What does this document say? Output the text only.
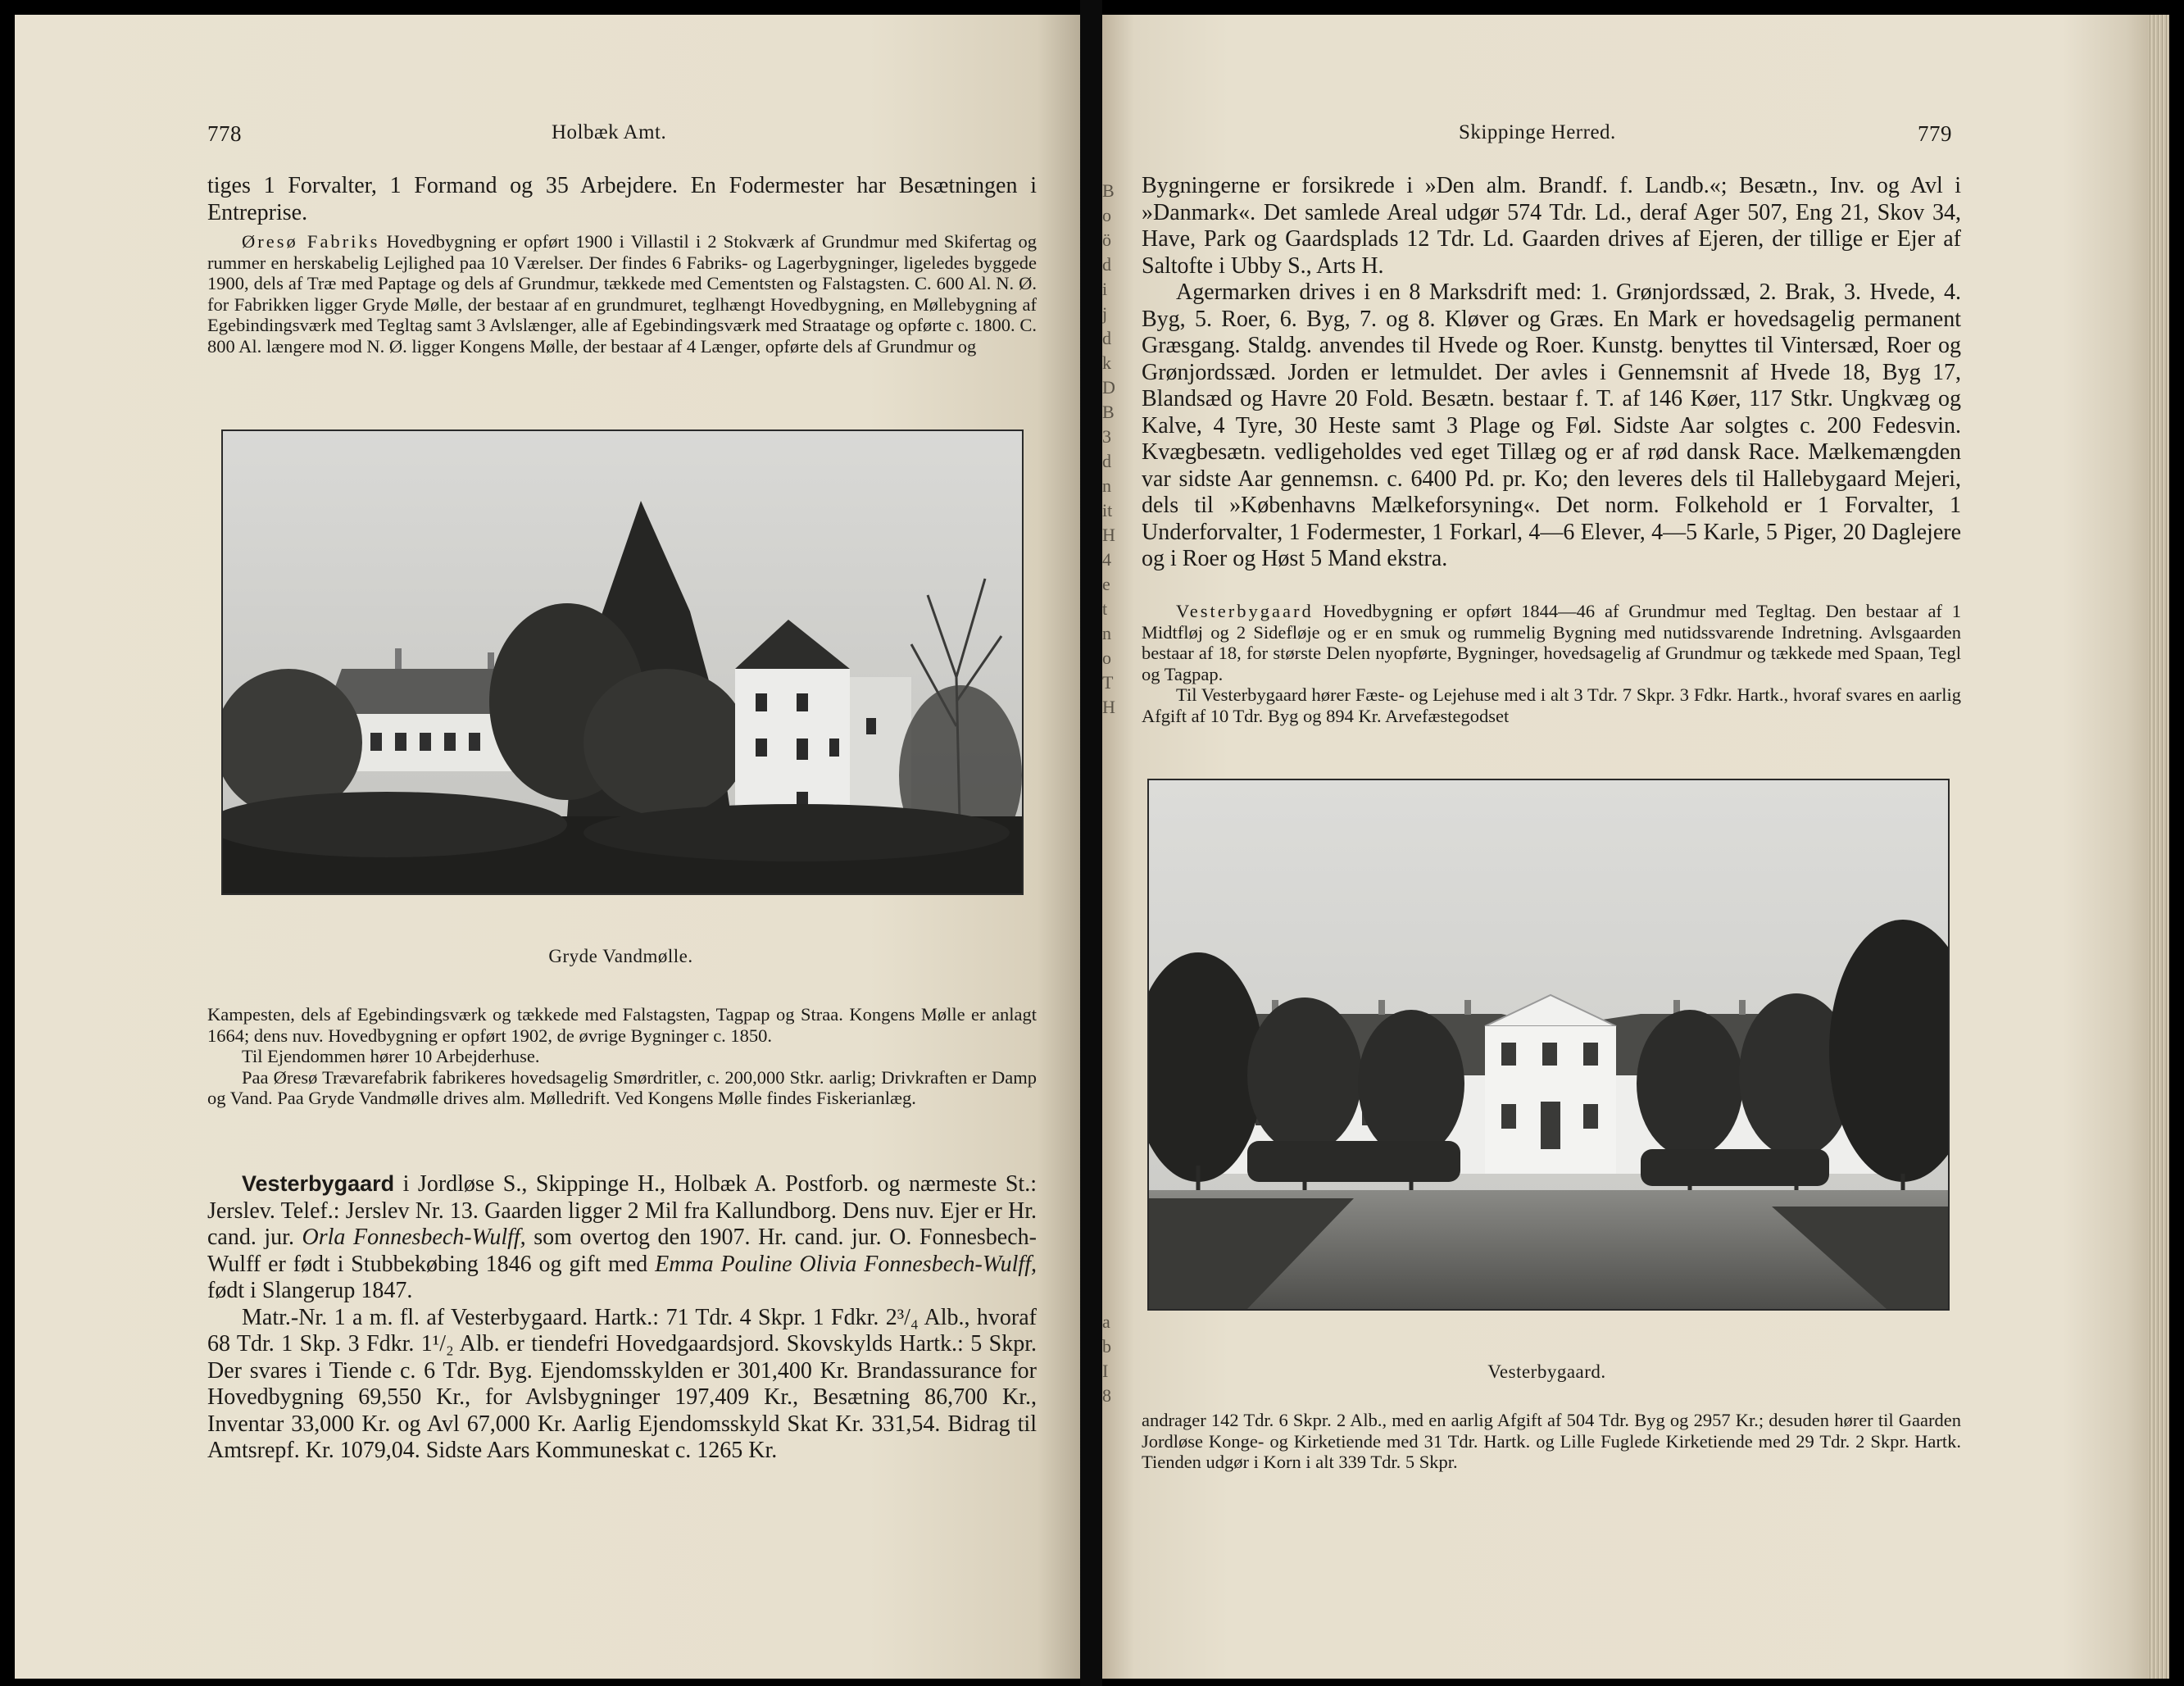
778	Holbæk Amt.

tiges 1 Forvalter, 1 Formand og 35 Arbejdere. En Fodermester har Besætningen i Entreprise.

Øresø Fabriks Hovedbygning er opført 1900 i Villastil i 2 Stokværk af Grundmur med Skifertag og rummer en herskabelig Lejlighed paa 10 Værelser. Der findes 6 Fabriks- og Lagerbygninger, ligeledes byggede 1900, dels af Træ med Paptage og dels af Grundmur, tækkede med Cementsten og Falstagsten. C. 600 Al. N. Ø. for Fabrikken ligger Gryde Mølle, der bestaar af en grundmuret, teglhængt Hovedbygning, en Møllebygning af Egebindingsværk med Tegltag samt 3 Avlslænger, alle af Egebindingsværk med Straatage og opførte c. 1800. C. 800 Al. længere mod N. Ø. ligger Kongens Mølle, der bestaar af 4 Længer, opførte dels af Grundmur og

Gryde Vandmølle.

Kampesten, dels af Egebindingsværk og tækkede med Falstagsten, Tagpap og Straa. Kongens Mølle er anlagt 1664; dens nuv. Hovedbygning er opført 1902, de øvrige Bygninger c. 1850.

Til Ejendommen hører 10 Arbejderhuse.

Paa Øresø Trævarefabrik fabrikeres hovedsagelig Smørdritler, c. 200,000 Stkr. aarlig; Drivkraften er Damp og Vand. Paa Gryde Vandmølle drives alm. Mølledrift. Ved Kongens Mølle findes Fiskerianlæg.

Vesterbygaard i Jordløse S., Skippinge H., Holbæk A. Postforb. og nærmeste St.: Jerslev. Telef.: Jerslev Nr. 13. Gaarden ligger 2 Mil fra Kallundborg. Dens nuv. Ejer er Hr. cand. jur. Orla Fonnesbech-Wulff, som overtog den 1907. Hr. cand. jur. O. Fonnesbech-Wulff er født i Stubbekøbing 1846 og gift med Emma Pouline Olivia Fonnesbech-Wulff, født i Slangerup 1847.

Matr.-Nr. 1 a m. fl. af Vesterbygaard. Hartk.: 71 Tdr. 4 Skpr. 1 Fdkr. 2³/₄ Alb., hvoraf 68 Tdr. 1 Skp. 3 Fdkr. 1¹/₂ Alb. er tiendefri Hovedgaardsjord. Skovskylds Hartk.: 5 Skpr. Der svares i Tiende c. 6 Tdr. Byg. Ejendomsskylden er 301,400 Kr. Brandassurance for Hovedbygning 69,550 Kr., for Avlsbygninger 197,409 Kr., Besætning 86,700 Kr., Inventar 33,000 Kr. og Avl 67,000 Kr. Aarlig Ejendomsskyld Skat Kr. 331,54. Bidrag til Amtsrepf. Kr. 1079,04. Sidste Aars Kommuneskat c. 1265 Kr.

B
o
ö
d
i
j
d
k
D
B
3
d
n
it
H
4
e
t
n
o
T
H
a
b
I
8
Skippinge Herred.	779

Bygningerne er forsikrede i »Den alm. Brandf. f. Landb.«; Besætn., Inv. og Avl i »Danmark«. Det samlede Areal udgør 574 Tdr. Ld., deraf Ager 507, Eng 21, Skov 34, Have, Park og Gaardsplads 12 Tdr. Ld. Gaarden drives af Ejeren, der tillige er Ejer af Saltofte i Ubby S., Arts H.

Agermarken drives i en 8 Marksdrift med: 1. Grønjordssæd, 2. Brak, 3. Hvede, 4. Byg, 5. Roer, 6. Byg, 7. og 8. Kløver og Græs. En Mark er hovedsagelig permanent Græsgang. Staldg. anvendes til Hvede og Roer. Kunstg. benyttes til Vintersæd, Roer og Grønjordssæd. Jorden er letmuldet. Der avles i Gennemsnit af Hvede 18, Byg 17, Blandsæd og Havre 20 Fold. Besætn. bestaar f. T. af 146 Køer, 117 Stkr. Ungkvæg og Kalve, 4 Tyre, 30 Heste samt 3 Plage og Føl. Sidste Aar solgtes c. 200 Fedesvin. Kvægbesætn. vedligeholdes ved eget Tillæg og er af rød dansk Race. Mælkemængden var sidste Aar gennemsn. c. 6400 Pd. pr. Ko; den leveres dels til Hallebygaard Mejeri, dels til »Københavns Mælkeforsyning«. Det norm. Folkehold er 1 Forvalter, 1 Underforvalter, 1 Fodermester, 1 Forkarl, 4—6 Elever, 4—5 Karle, 5 Piger, 20 Daglejere og i Roer og Høst 5 Mand ekstra.

Vesterbygaard Hovedbygning er opført 1844—46 af Grundmur med Tegltag. Den bestaar af 1 Midtfløj og 2 Sidefløje og er en smuk og rummelig Bygning med nutidssvarende Indretning. Avlsgaarden bestaar af 18, for største Delen nyopførte, Bygninger, hovedsagelig af Grundmur og tækkede med Spaan, Tegl og Tagpap.

Til Vesterbygaard hører Fæste- og Lejehuse med i alt 3 Tdr. 7 Skpr. 3 Fdkr. Hartk., hvoraf svares en aarlig Afgift af 10 Tdr. Byg og 894 Kr. Arvefæstegodset

Vesterbygaard.

andrager 142 Tdr. 6 Skpr. 2 Alb., med en aarlig Afgift af 504 Tdr. Byg og 2957 Kr.; desuden hører til Gaarden Jordløse Konge- og Kirketiende med 31 Tdr. Hartk. og Lille Fuglede Kirketiende med 29 Tdr. 2 Skpr. Hartk. Tienden udgør i Korn i alt 339 Tdr. 5 Skpr.
